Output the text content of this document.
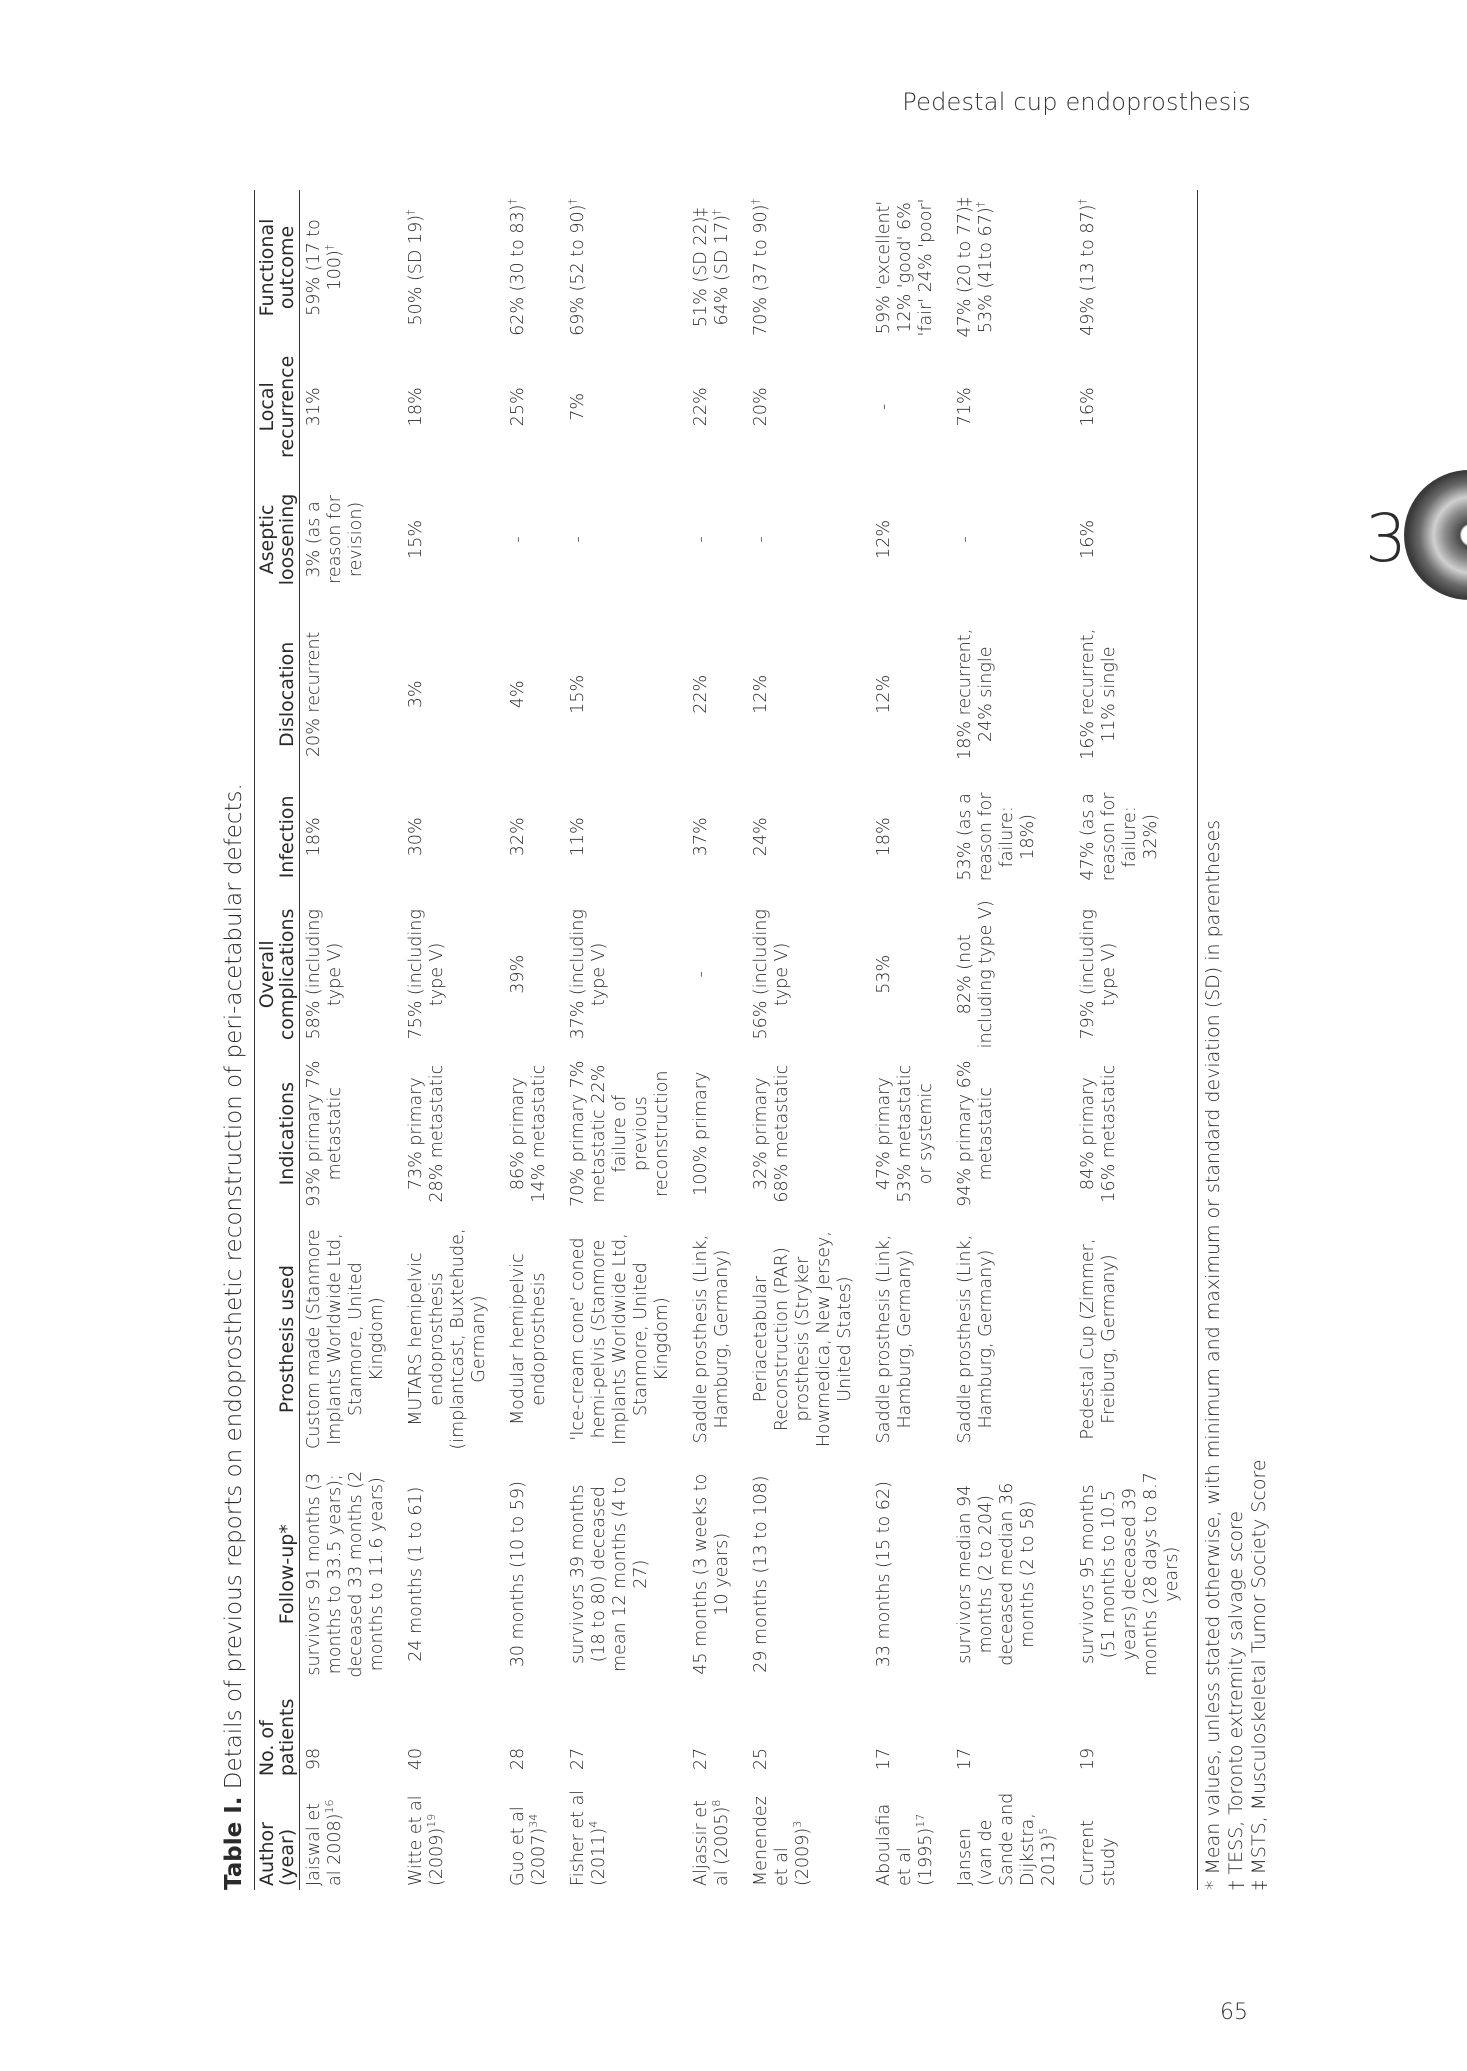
Pedestal cup endoprosthesis
3
65

Table I. Details of previous reports on endoprosthetic reconstruction of peri-acetabular defects.

Author (year)	No. of patients	Follow-up*	Prosthesis used	Indications	Overall complications	Infection	Dislocation	Aseptic loosening	Local recurrence	Functional outcome
Jaiswal et al 2008)$^{16}$	98	survivors 91 months (3 months to 33.5 years); deceased 33 months (2 months to 11.6 years)	Custom made (Stanmore Implants Worldwide Ltd, Stanmore, United Kingdom)	93% primary 7% metastatic	58% (including type V)	18%	20% recurrent	3% (as a reason for revision)	31%	59% (17 to 100)†
Witte et al $(2009)^{19}$	40	24 months (1 to 61)	MUTARS hemipelvic endoprosthesis (implantcast, Buxtehude, Germany)	73% primary 28% metastatic	75% (including type V)	30%	3%	15%	18%	50% (SD 19)†
Guo et al $(2007)^{34}$	28	30 months (10 to 59)	Modular hemipelvic endoprosthesis	86% primary 14% metastatic	39%	32%	4%	-	25%	62% (30 to 83)†
Fisher et al $(2011)^4$	27	survivors 39 months (18 to 80) deceased mean 12 months (4 to 27)	'Ice-cream cone' coned hemi-pelvis (Stanmore Implants Worldwide Ltd, Stanmore, United Kingdom)	70% primary 7% metastatic 22% failure of previous reconstruction	37% (including type V)	11%	15%	-	7%	69% (52 to 90)†
Aljassir et al $(2005)^8$	27	45 months (3 weeks to 10 years)	Saddle prosthesis (Link, Hamburg, Germany)	100% primary	-	37%	22%	-	22%	51% (SD 22)‡ 64% (SD 17)†
Menendez et al $(2009)^3$	25	29 months (13 to 108)	Periacetabular Reconstruction (PAR) prosthesis (Stryker Howmedica, New Jersey, United States)	32% primary 68% metastatic	56% (including type V)	24%	12%	-	20%	70% (37 to 90)†
Aboulafia et al $(1995)^{17}$	17	33 months (15 to 62)	Saddle prosthesis (Link, Hamburg, Germany)	47% primary 53% metastatic or systemic	53%	18%	12%	12%	-	59% 'excellent' 12% 'good' 6% 'fair' 24% 'poor'
Jansen (van de Sande and Dijkstra, 2013)$^5$	17	survivors median 94 months (2 to 204) deceased median 36 months (2 to 58)	Saddle prosthesis (Link, Hamburg, Germany)	94% primary 6% metastatic	82% (not including type V)	53% (as a reason for failure: 18%)	18% recurrent, 24% single	-	71%	47% (20 to 77)‡ 53% (41to 67)†
Current study	19	survivors 95 months (51 months to 10.5 years) deceased 39 months (28 days to 8.7 years)	Pedestal Cup (Zimmer, Freiburg, Germany)	84% primary 16% metastatic	79% (including type V)	47% (as a reason for failure: 32%)	16% recurrent, 11% single	16%	16%	49% (13 to 87)†
* Mean values, unless stated otherwise, with minimum and maximum or standard deviation (SD) in parentheses † TESS, Toronto extremity salvage score ‡ MSTS, Musculoskeletal Tumor Society Score
